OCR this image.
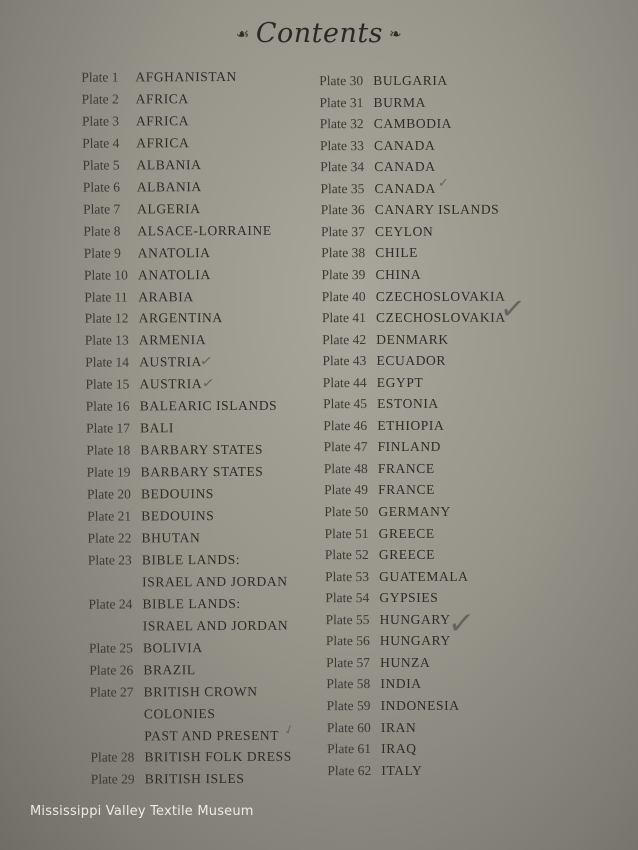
☙ Contents ❧
Plate 1 AFGHANISTAN
Plate 2 AFRICA
Plate 3 AFRICA
Plate 4 AFRICA
Plate 5 ALBANIA
Plate 6 ALBANIA
Plate 7 ALGERIA
Plate 8 ALSACE-LORRAINE
Plate 9 ANATOLIA
Plate 10 ANATOLIA
Plate 11 ARABIA
Plate 12 ARGENTINA
Plate 13 ARMENIA
Plate 14 AUSTRIA
Plate 15 AUSTRIA
Plate 16 BALEARIC ISLANDS
Plate 17 BALI
Plate 18 BARBARY STATES
Plate 19 BARBARY STATES
Plate 20 BEDOUINS
Plate 21 BEDOUINS
Plate 22 BHUTAN
Plate 23 BIBLE LANDS:
ISRAEL AND JORDAN
Plate 24 BIBLE LANDS:
ISRAEL AND JORDAN
Plate 25 BOLIVIA
Plate 26 BRAZIL
Plate 27 BRITISH CROWN
COLONIES
PAST AND PRESENT
Plate 28 BRITISH FOLK DRESS
Plate 29 BRITISH ISLES
Plate 30 BULGARIA
Plate 31 BURMA
Plate 32 CAMBODIA
Plate 33 CANADA
Plate 34 CANADA
Plate 35 CANADA
Plate 36 CANARY ISLANDS
Plate 37 CEYLON
Plate 38 CHILE
Plate 39 CHINA
Plate 40 CZECHOSLOVAKIA
Plate 41 CZECHOSLOVAKIA
Plate 42 DENMARK
Plate 43 ECUADOR
Plate 44 EGYPT
Plate 45 ESTONIA
Plate 46 ETHIOPIA
Plate 47 FINLAND
Plate 48 FRANCE
Plate 49 FRANCE
Plate 50 GERMANY
Plate 51 GREECE
Plate 52 GREECE
Plate 53 GUATEMALA
Plate 54 GYPSIES
Plate 55 HUNGARY
Plate 56 HUNGARY
Plate 57 HUNZA
Plate 58 INDIA
Plate 59 INDONESIA
Plate 60 IRAN
Plate 61 IRAQ
Plate 62 ITALY
✓
✓
✓
✓
✓
✓
Mississippi Valley Textile Museum
